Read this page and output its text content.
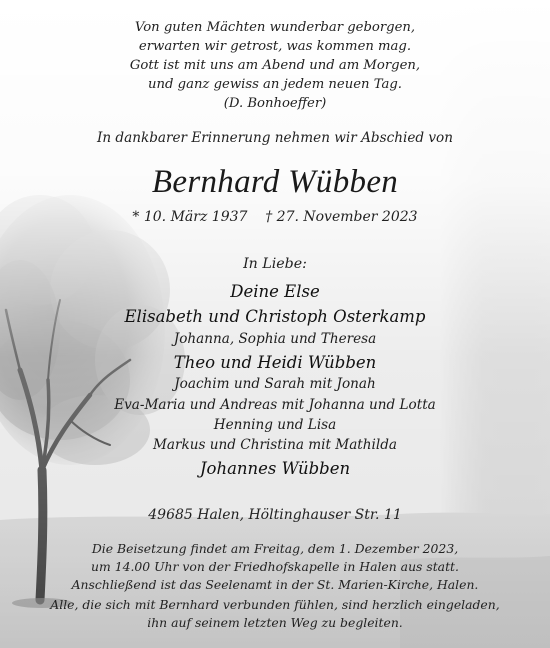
Von guten Mächten wunderbar geborgen,
erwarten wir getrost, was kommen mag.
Gott ist mit uns am Abend und am Morgen,
und ganz gewiss an jedem neuen Tag.
(D. Bonhoeffer)
In dankbarer Erinnerung nehmen wir Abschied von
Bernhard Wübben
* 10. März 1937    † 27. November 2023
In Liebe:
Deine Else
Elisabeth und Christoph Osterkamp
Johanna, Sophia und Theresa
Theo und Heidi Wübben
Joachim und Sarah mit Jonah
Eva-Maria und Andreas mit Johanna und Lotta
Henning und Lisa
Markus und Christina mit Mathilda
Johannes Wübben
49685 Halen, Höltinghauser Str. 11
Die Beisetzung findet am Freitag, dem 1. Dezember 2023,
um 14.00 Uhr von der Friedhofskapelle in Halen aus statt.
Anschließend ist das Seelenamt in der St. Marien-Kirche, Halen.
Alle, die sich mit Bernhard verbunden fühlen, sind herzlich eingeladen,
ihn auf seinem letzten Weg zu begleiten.
